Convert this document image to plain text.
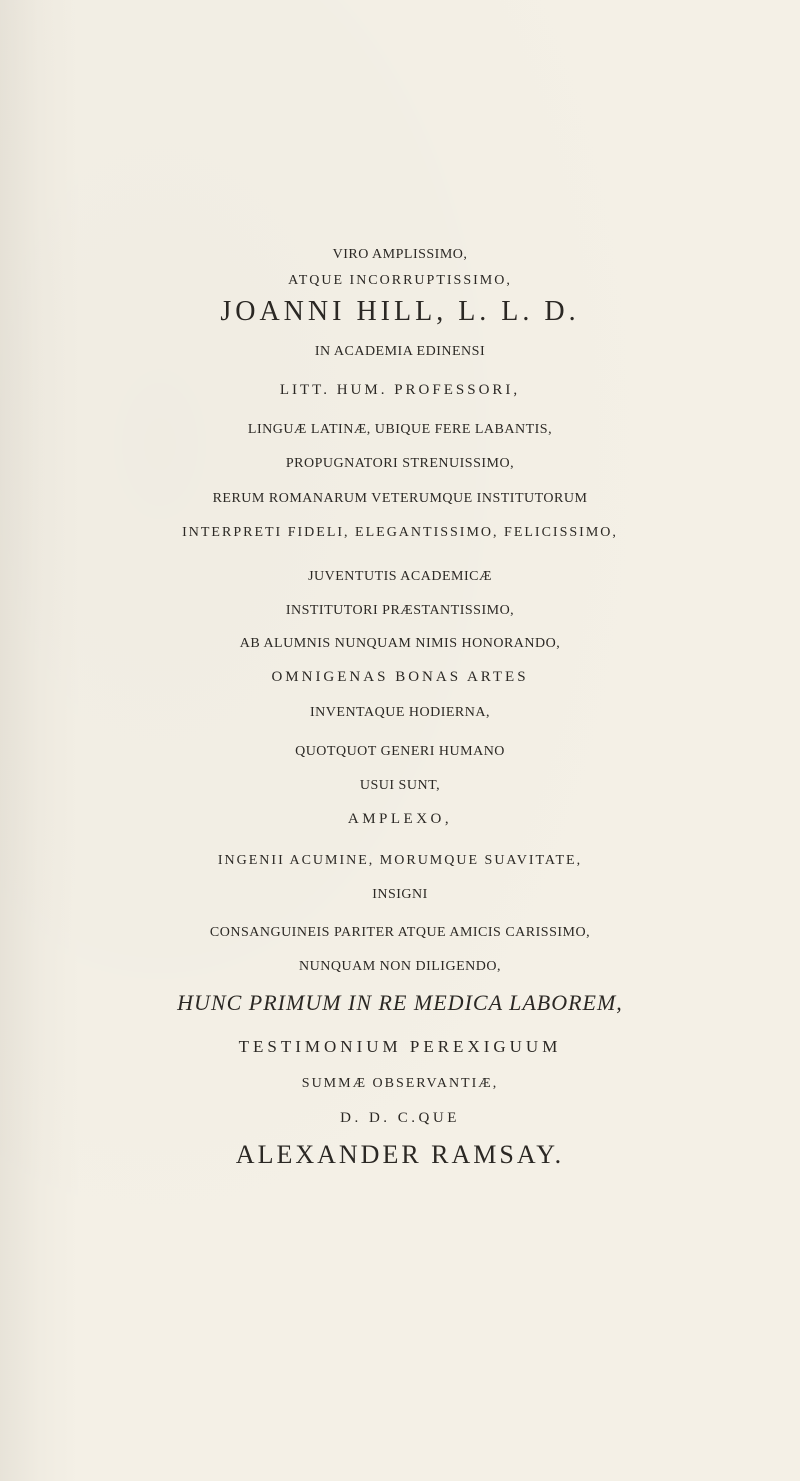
VIRO AMPLISSIMO,
ATQUE INCORRUPTISSIMO,
JOANNI HILL, L. L. D.
IN ACADEMIA EDINENSI
LITT. HUM. PROFESSORI,
LINGUÆ LATINÆ, UBIQUE FERE LABANTIS,
PROPUGNATORI STRENUISSIMO,
RERUM ROMANARUM VETERUMQUE INSTITUTORUM
INTERPRETI FIDELI, ELEGANTISSIMO, FELICISSIMO,
JUVENTUTIS ACADEMICÆ
INSTITUTORI PRÆSTANTISSIMO,
AB ALUMNIS NUNQUAM NIMIS HONORANDO,
OMNIGENAS BONAS ARTES
INVENTAQUE HODIERNA,
QUOTQUOT GENERI HUMANO
USUI SUNT,
AMPLEXO,
INGENII ACUMINE, MORUMQUE SUAVITATE,
INSIGNI
CONSANGUINEIS PARITER ATQUE AMICIS CARISSIMO,
NUNQUAM NON DILIGENDO,
HUNC PRIMUM IN RE MEDICA LABOREM,
TESTIMONIUM PEREXIGUUM
SUMMÆ OBSERVANTIÆ,
D. D. C.QUE
ALEXANDER RAMSAY.
